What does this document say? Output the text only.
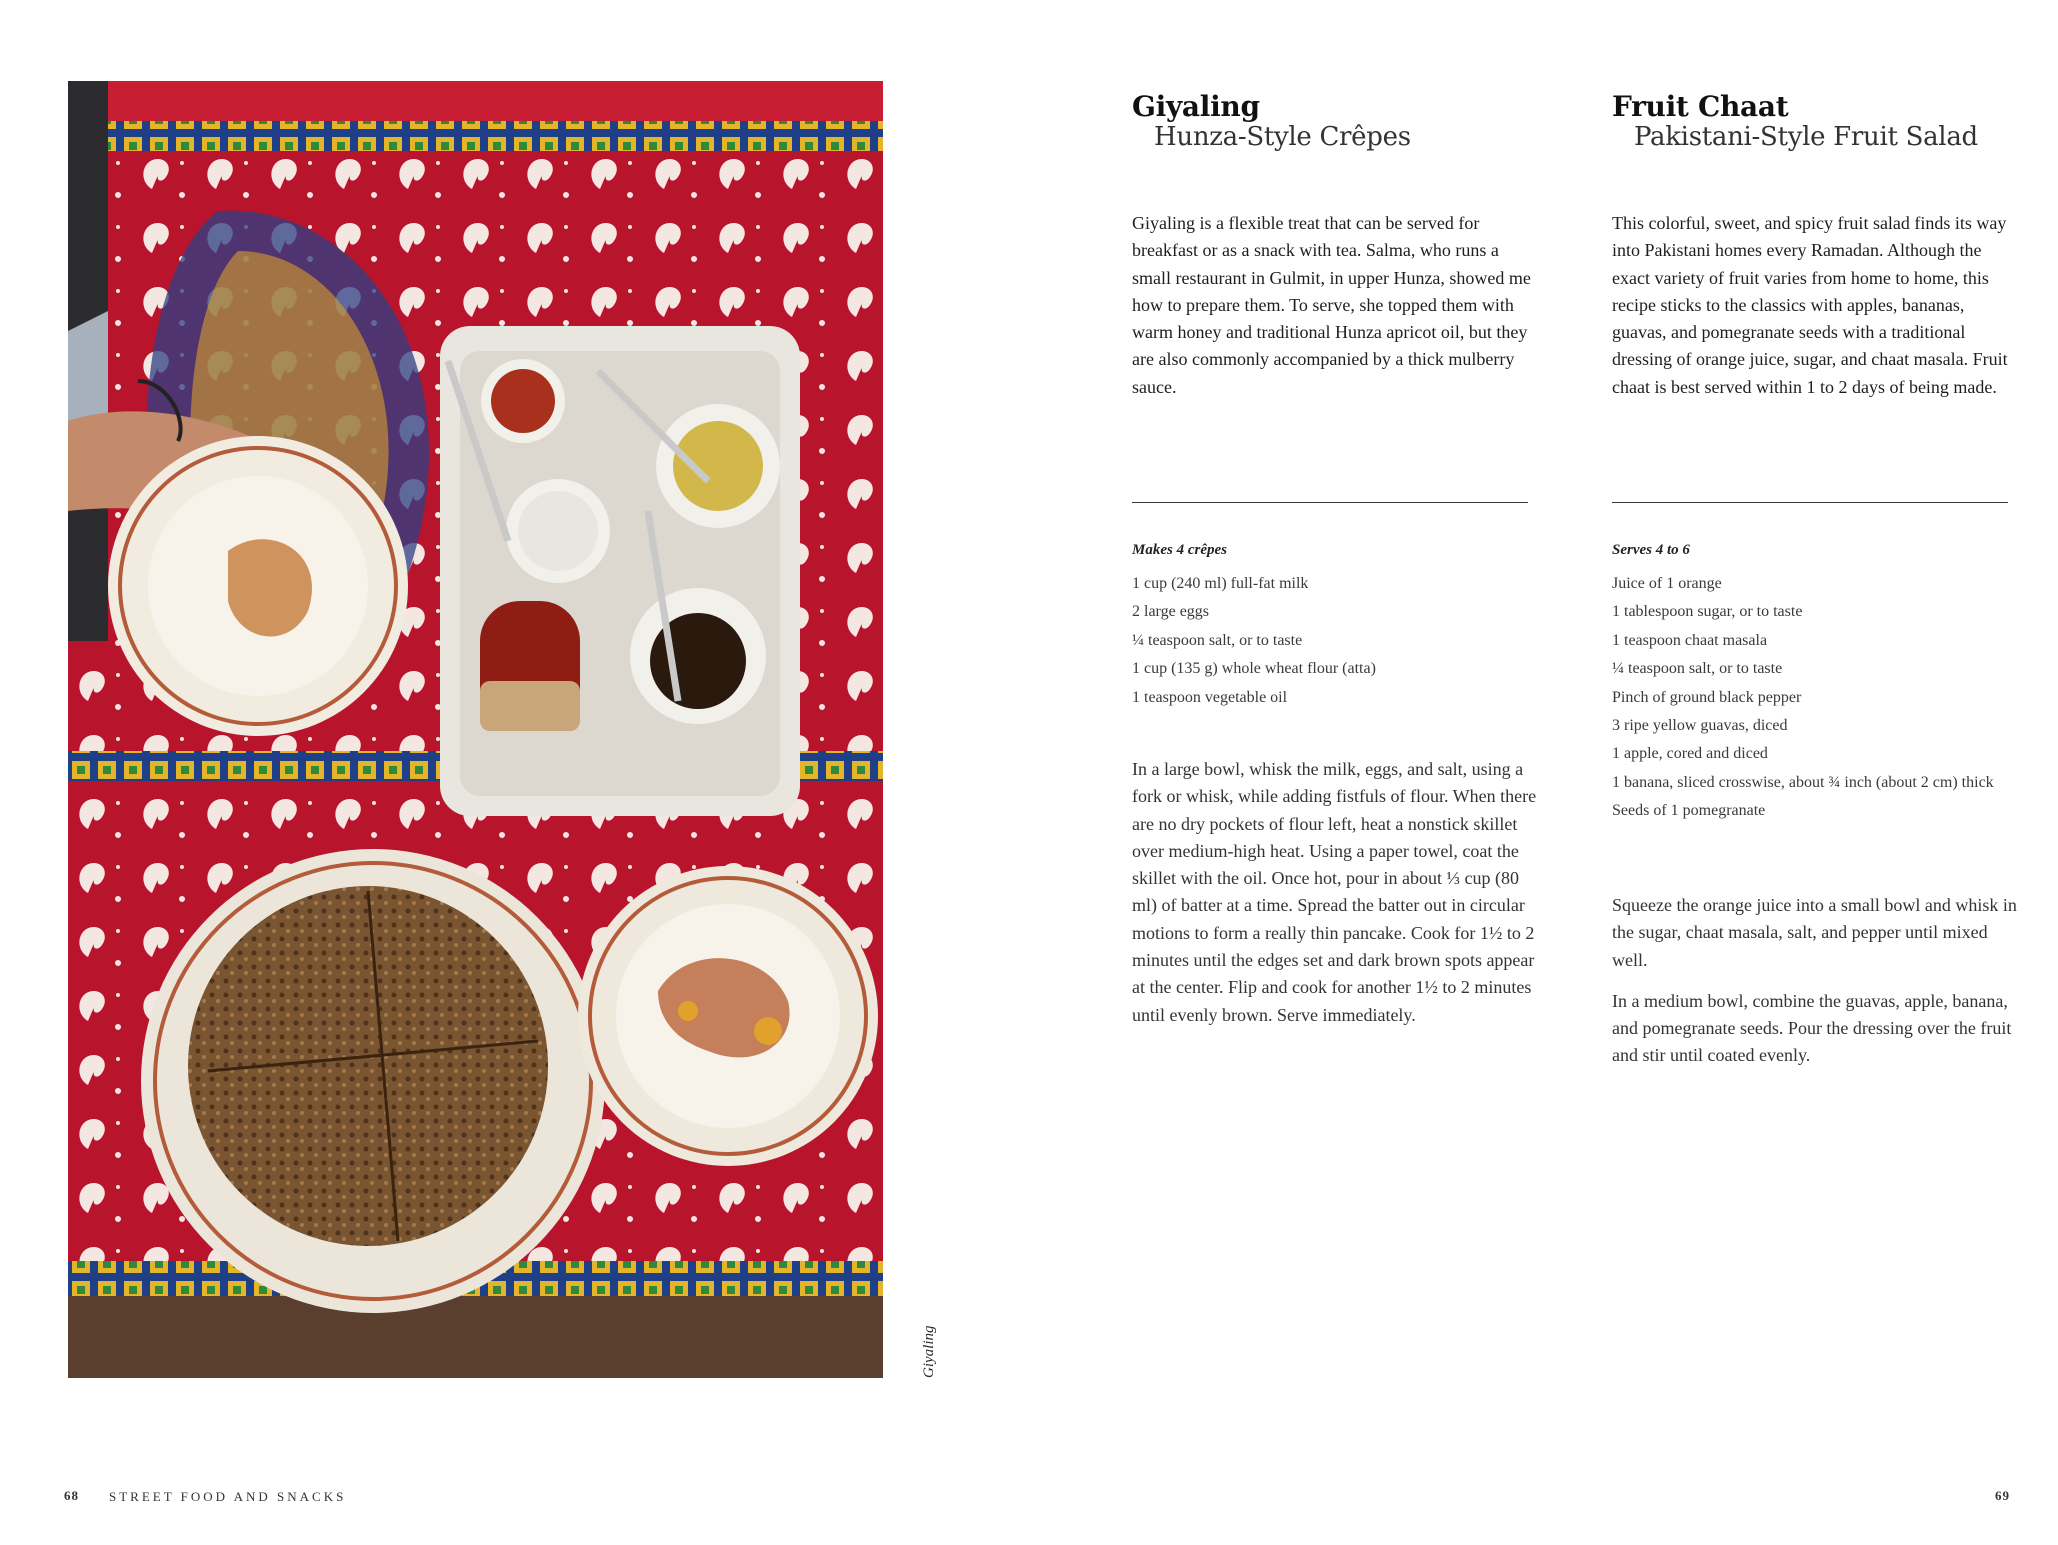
Giyaling
Giyaling
Hunza-Style Crêpes
Giyaling is a flexible treat that can be served for breakfast or as a snack with tea. Salma, who runs a small restaurant in Gulmit, in upper Hunza, showed me how to prepare them. To serve, she topped them with warm honey and traditional Hunza apricot oil, but they are also commonly accompanied by a thick mulberry sauce.
Makes 4 crêpes
1 cup (240 ml) full-fat milk
2 large eggs
¼ teaspoon salt, or to taste
1 cup (135 g) whole wheat flour (atta)
1 teaspoon vegetable oil

In a large bowl, whisk the milk, eggs, and salt, using a fork or whisk, while adding fistfuls of flour. When there are no dry pockets of flour left, heat a nonstick skillet over medium-high heat. Using a paper towel, coat the skillet with the oil. Once hot, pour in about ⅓ cup (80 ml) of batter at a time. Spread the batter out in circular motions to form a really thin pancake. Cook for 1½ to 2 minutes until the edges set and dark brown spots appear at the center. Flip and cook for another 1½ to 2 minutes until evenly brown. Serve immediately.

Fruit Chaat
Pakistani-Style Fruit Salad
This colorful, sweet, and spicy fruit salad finds its way into Pakistani homes every Ramadan. Although the exact variety of fruit varies from home to home, this recipe sticks to the classics with apples, bananas, guavas, and pomegranate seeds with a traditional dressing of orange juice, sugar, and chaat masala. Fruit chaat is best served within 1 to 2 days of being made.
Serves 4 to 6
Juice of 1 orange
1 tablespoon sugar, or to taste
1 teaspoon chaat masala
¼ teaspoon salt, or to taste
Pinch of ground black pepper
3 ripe yellow guavas, diced
1 apple, cored and diced
1 banana, sliced crosswise, about ¾ inch (about 2 cm) thick
Seeds of 1 pomegranate

Squeeze the orange juice into a small bowl and whisk in the sugar, chaat masala, salt, and pepper until mixed well.

In a medium bowl, combine the guavas, apple, banana, and pomegranate seeds. Pour the dressing over the fruit and stir until coated evenly.

68 STREET FOOD AND SNACKS	69
